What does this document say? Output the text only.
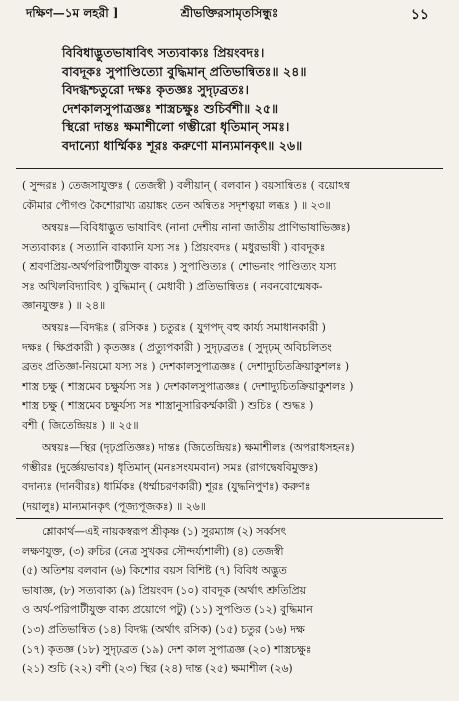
দক্ষিণ—১ম লহরী ]	শ্রীভক্তিরসামৃতসিন্ধুঃ	১১
বিবিধাদ্ভুতভাষাবিৎ সত্যবাক্যঃ প্রিয়ংবদঃ।
বাবদূকঃ সুপাণ্ডিত্যো বুদ্ধিমান্‌ প্রতিভান্বিতঃ॥ ২৪॥
বিদগ্ধশ্চতুরো দক্ষঃ কৃতজ্ঞঃ সুদৃঢ়ব্রতঃ।
দেশকালসুপাত্রজ্ঞঃ শাস্ত্রচক্ষুঃ শুচির্বশী॥ ২৫॥
স্থিরো দান্তঃ ক্ষমাশীলো গম্ভীরো ধৃতিমান্‌ সমঃ।
বদান্যো ধার্ম্মিকঃ শূরঃ করুণো মান্যমানকৃৎ॥ ২৬॥
( সুন্দরঃ ) তেজসাযুক্তঃ ( তেজস্বী ) বলীয়ান্‌ ( বলবান ) বয়সান্বিতঃ ( বয়োঽন্ব
কৌমার পৌগণ্ড কৈশোরাখ্য ত্রয়াঙ্কং তেন অন্বিতঃ সদৃশত্বয়া লব্ধঃ ) ॥ ২৩॥
অন্বয়ঃ—বিবিধাদ্ভুত ভাষাবিৎ (নানা দেশীয় নানা জাতীয় প্রাণিভাষাভিজ্ঞঃ)
সত্যবাক্যঃ ( সত্যানি বাক্যানি যস্য সঃ ) প্রিয়ংবদঃ ( মধুরভাষী ) বাবদূকঃ
( শ্রবণপ্রিয়-অর্থপরিপাটীযুক্ত বাক্যঃ ) সুপাণ্ডিত্যঃ ( শোভনাং পাণ্ডিত্যং যস্য
সঃ অখিলবিদ্যাবিৎ ) বুদ্ধিমান্‌ ( মেধাবী ) প্রতিভান্বিতঃ ( নবনবোন্মেষক-
জ্ঞানযুক্তঃ ) ॥ ২৪॥
অন্বয়ঃ—বিদগ্ধঃ ( রসিকঃ ) চতুরঃ ( যুগপদ্‌ বহু কার্য্য সমাধানকারী )
দক্ষঃ ( ক্ষিপ্রকারী ) কৃতজ্ঞঃ ( প্রত্যুপকারী ) সুদৃঢ়ব্রতঃ ( সুদৃঢ়ম্‌ অবিচলিতং
ব্রতং প্রতিজ্ঞা-নিয়মো যস্য সঃ ) দেশকালসুপাত্রজ্ঞঃ ( দেশাদ্যুচিতক্রিয়াকুশলঃ )
শাস্ত্র চক্ষু ( শাস্ত্রমেব চক্ষুর্যস্য সঃ ) দেশকালসুপাত্রজ্ঞঃ ( দেশাদ্যুচিতক্রিয়াকুশলঃ )
শাস্ত্র চক্ষু ( শাস্ত্রমেব চক্ষুর্যস্য সঃ শাস্ত্রানুসারিকর্ম্মকারী ) শুচিঃ ( শুদ্ধঃ )
বশী ( জিতেন্দ্রিয়ঃ ) ॥ ২৫॥
অন্বয়ঃ—স্থির (দৃঢ়প্রতিজ্ঞঃ) দান্তঃ (জিতেন্দ্রিয়ঃ) ক্ষমাশীলঃ (অপরাধসহনঃ)
গম্ভীরঃ (দুর্জ্ঞেয়ভাবঃ) ধৃতিমান্‌ (মনঃসংযমবান) সমঃ (রাগদ্বেষবিমুক্তঃ)
বদান্যঃ (দানবীরঃ) ধার্মিকঃ (ধর্ম্মাচরণকারী) শূরঃ (যুদ্ধনিপুণঃ) করুণঃ
(দয়ালুঃ) মান্যমানকৃৎ (পূজ্যপূজকঃ) ॥ ২৬॥
শ্লোকার্থ—এই নায়কস্বরূপ শ্রীকৃষ্ণ (১) সুরম্যাঙ্গ (২) সর্ব্বসৎ
লক্ষণযুক্ত, (৩) রুচির (নেত্র সুখকর সৌন্দর্য্যশালী) (৪) তেজস্বী
(৫) অতিশয় বলবান (৬) কিশোর বয়স বিশিষ্ট (৭) বিবিধ অদ্ভুত
ভাষাজ্ঞ, (৮) সত্যবাক্য (৯) প্রিয়ংবদ (১০) বাবদূক (অর্থাৎ শ্রুতিপ্রিয়
ও অর্থ-পরিপাটীযুক্ত বাক্য প্রয়োগে পটু) (১১) সুপণ্ডিত (১২) বুদ্ধিমান
(১৩) প্রতিভান্বিত (১৪) বিদগ্ধ (অর্থাৎ রসিক) (১৫) চতুর (১৬) দক্ষ
(১৭) কৃতজ্ঞ (১৮) সুদৃঢ়ব্রত (১৯) দেশ কাল সুপাত্রজ্ঞ (২০) শাস্ত্রচক্ষুঃ
(২১) শুচি (২২) বশী (২৩) স্থির (২৪) দান্ত (২৫) ক্ষমাশীল (২৬)
